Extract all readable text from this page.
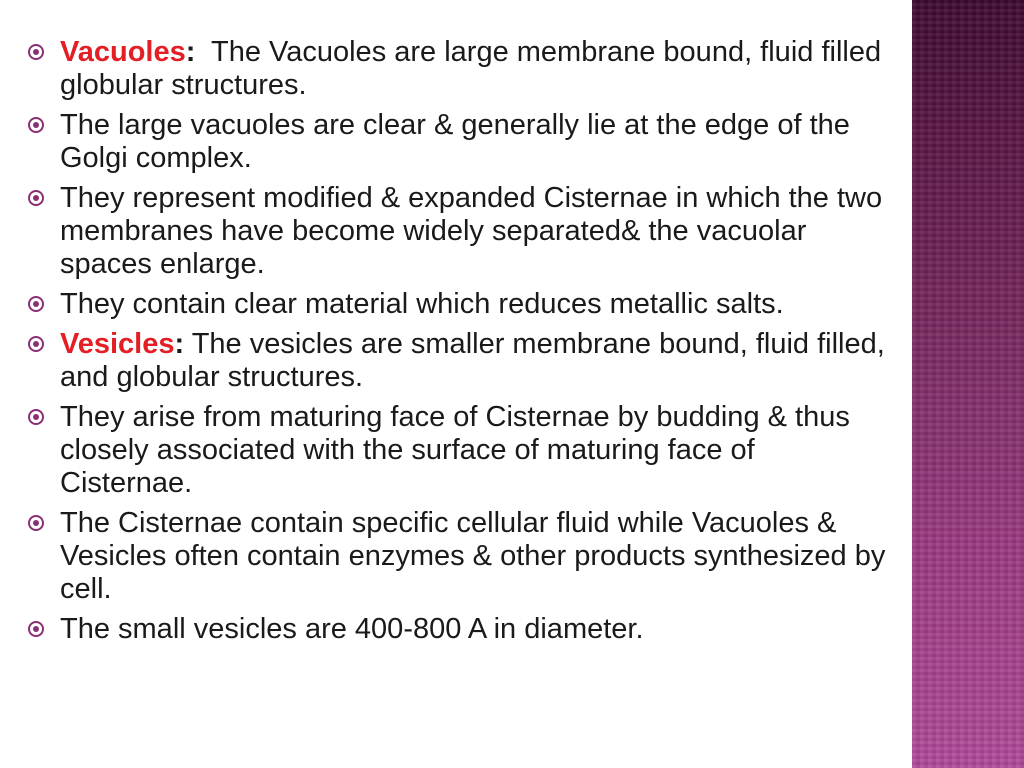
Vacuoles:  The Vacuoles are large membrane bound, fluid filled globular structures.
The large vacuoles are clear & generally lie at the edge of the Golgi complex.
They represent modified & expanded Cisternae in which the two membranes have become widely separated& the vacuolar spaces enlarge.
They contain clear material which reduces metallic salts.
Vesicles: The vesicles are smaller membrane bound, fluid filled, and globular structures.
They arise from maturing face of Cisternae by budding & thus closely associated with the surface of maturing face of Cisternae.
The Cisternae contain specific cellular fluid while Vacuoles & Vesicles often contain enzymes & other products synthesized by cell.
The small vesicles are 400-800 A in diameter.
